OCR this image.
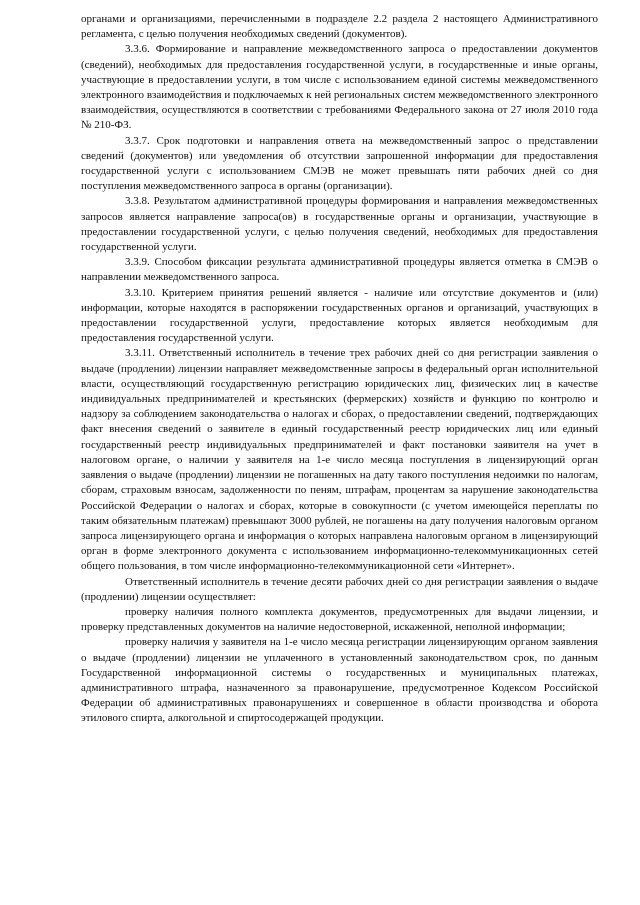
органами и организациями, перечисленными в подразделе 2.2 раздела 2 настоящего Административного регламента, с целью получения необходимых сведений (документов).

3.3.6. Формирование и направление межведомственного запроса о предоставлении документов (сведений), необходимых для предоставления государственной услуги, в государственные и иные органы, участвующие в предоставлении услуги, в том числе с использованием единой системы межведомственного электронного взаимодействия и подключаемых к ней региональных систем межведомственного электронного взаимодействия, осуществляются в соответствии с требованиями Федерального закона от 27 июля 2010 года № 210-ФЗ.

3.3.7. Срок подготовки и направления ответа на межведомственный запрос о представлении сведений (документов) или уведомления об отсутствии запрошенной информации для предоставления государственной услуги с использованием СМЭВ не может превышать пяти рабочих дней со дня поступления межведомственного запроса в органы (организации).

3.3.8. Результатом административной процедуры формирования и направления межведомственных запросов является направление запроса(ов) в государственные органы и организации, участвующие в предоставлении государственной услуги, с целью получения сведений, необходимых для предоставления государственной услуги.

3.3.9. Способом фиксации результата административной процедуры является отметка в СМЭВ о направлении межведомственного запроса.

3.3.10. Критерием принятия решений является - наличие или отсутствие документов и (или) информации, которые находятся в распоряжении государственных органов и организаций, участвующих в предоставлении государственной услуги, предоставление которых является необходимым для предоставления государственной услуги.

3.3.11. Ответственный исполнитель в течение трех рабочих дней со дня регистрации заявления о выдаче (продлении) лицензии направляет межведомственные запросы в федеральный орган исполнительной власти, осуществляющий государственную регистрацию юридических лиц, физических лиц в качестве индивидуальных предпринимателей и крестьянских (фермерских) хозяйств и функцию по контролю и надзору за соблюдением законодательства о налогах и сборах, о предоставлении сведений, подтверждающих факт внесения сведений о заявителе в единый государственный реестр юридических лиц или единый государственный реестр индивидуальных предпринимателей и факт постановки заявителя на учет в налоговом органе, о наличии у заявителя на 1-е число месяца поступления в лицензирующий орган заявления о выдаче (продлении) лицензии не погашенных на дату такого поступления недоимки по налогам, сборам, страховым взносам, задолженности по пеням, штрафам, процентам за нарушение законодательства Российской Федерации о налогах и сборах, которые в совокупности (с учетом имеющейся переплаты по таким обязательным платежам) превышают 3000 рублей, не погашены на дату получения налоговым органом запроса лицензирующего органа и информация о которых направлена налоговым органом в лицензирующий орган в форме электронного документа с использованием информационно-телекоммуникационных сетей общего пользования, в том числе информационно-телекоммуникационной сети «Интернет».

Ответственный исполнитель в течение десяти рабочих дней со дня регистрации заявления о выдаче (продлении) лицензии осуществляет:

проверку наличия полного комплекта документов, предусмотренных для выдачи лицензии, и проверку представленных документов на наличие недостоверной, искаженной, неполной информации;

проверку наличия у заявителя на 1-е число месяца регистрации лицензирующим органом заявления о выдаче (продлении) лицензии не уплаченного в установленный законодательством срок, по данным Государственной информационной системы о государственных и муниципальных платежах, административного штрафа, назначенного за правонарушение, предусмотренное Кодексом Российской Федерации об административных правонарушениях и совершенное в области производства и оборота этилового спирта, алкогольной и спиртосодержащей продукции.
